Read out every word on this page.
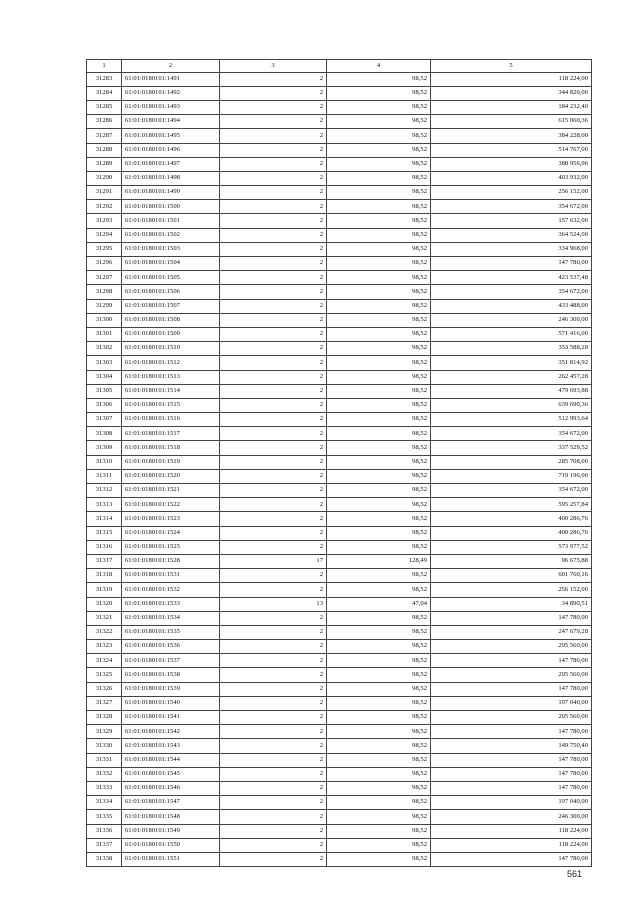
1	2	3	4	5
31283	61:01:0180101:1491	2	98,52	118 224,00
31284	61:01:0180101:1492	2	98,52	344 820,00
31285	61:01:0180101:1493	2	98,52	184 232,40
31286	61:01:0180101:1494	2	98,52	615 060,36
31287	61:01:0180101:1495	2	98,52	384 228,00
31288	61:01:0180101:1496	2	98,52	514 767,00
31289	61:01:0180101:1497	2	98,52	388 956,96
31290	61:01:0180101:1498	2	98,52	403 932,00
31291	61:01:0180101:1499	2	98,52	256 152,00
31292	61:01:0180101:1500	2	98,52	354 672,00
31293	61:01:0180101:1501	2	98,52	157 632,00
31294	61:01:0180101:1502	2	98,52	364 524,00
31295	61:01:0180101:1503	2	98,52	334 968,00
31296	61:01:0180101:1504	2	98,52	147 780,00
31297	61:01:0180101:1505	2	98,52	423 537,48
31298	61:01:0180101:1506	2	98,52	354 672,00
31299	61:01:0180101:1507	2	98,52	433 488,00
31300	61:01:0180101:1508	2	98,52	246 300,00
31301	61:01:0180101:1509	2	98,52	571 416,00
31302	61:01:0180101:1510	2	98,52	353 588,28
31303	61:01:0180101:1512	2	98,52	351 814,92
31304	61:01:0180101:1513	2	98,52	262 457,28
31305	61:01:0180101:1514	2	98,52	479 693,88
31306	61:01:0180101:1515	2	98,52	639 690,36
31307	61:01:0180101:1516	2	98,52	512 993,64
31308	61:01:0180101:1517	2	98,52	354 672,00
31309	61:01:0180101:1518	2	98,52	337 529,52
31310	61:01:0180101:1519	2	98,52	285 708,00
31311	61:01:0180101:1520	2	98,52	719 196,00
31312	61:01:0180101:1521	2	98,52	354 672,00
31313	61:01:0180101:1522	2	98,52	595 257,84
31314	61:01:0180101:1523	2	98,52	400 286,76
31315	61:01:0180101:1524	2	98,52	400 286,76
31316	61:01:0180101:1525	2	98,52	573 977,52
31317	61:01:0180101:1528	17	128,49	96 675,88
31318	61:01:0180101:1531	2	98,52	601 760,16
31319	61:01:0180101:1532	2	98,52	256 152,00
31320	61:01:0180101:1533	13	47,04	34 890,51
31321	61:01:0180101:1534	2	98,52	147 780,00
31322	61:01:0180101:1535	2	98,52	247 679,28
31323	61:01:0180101:1536	2	98,52	295 560,00
31324	61:01:0180101:1537	2	98,52	147 780,00
31325	61:01:0180101:1538	2	98,52	295 560,00
31326	61:01:0180101:1539	2	98,52	147 780,00
31327	61:01:0180101:1540	2	98,52	197 040,00
31328	61:01:0180101:1541	2	98,52	295 560,00
31329	61:01:0180101:1542	2	98,52	147 780,00
31330	61:01:0180101:1543	2	98,52	149 750,40
31331	61:01:0180101:1544	2	98,52	147 780,00
31332	61:01:0180101:1545	2	98,52	147 780,00
31333	61:01:0180101:1546	2	98,52	147 780,00
31334	61:01:0180101:1547	2	98,52	197 040,00
31335	61:01:0180101:1548	2	98,52	246 300,00
31336	61:01:0180101:1549	2	98,52	118 224,00
31337	61:01:0180101:1550	2	98,52	118 224,00
31338	61:01:0180101:1551	2	98,52	147 780,00
561
